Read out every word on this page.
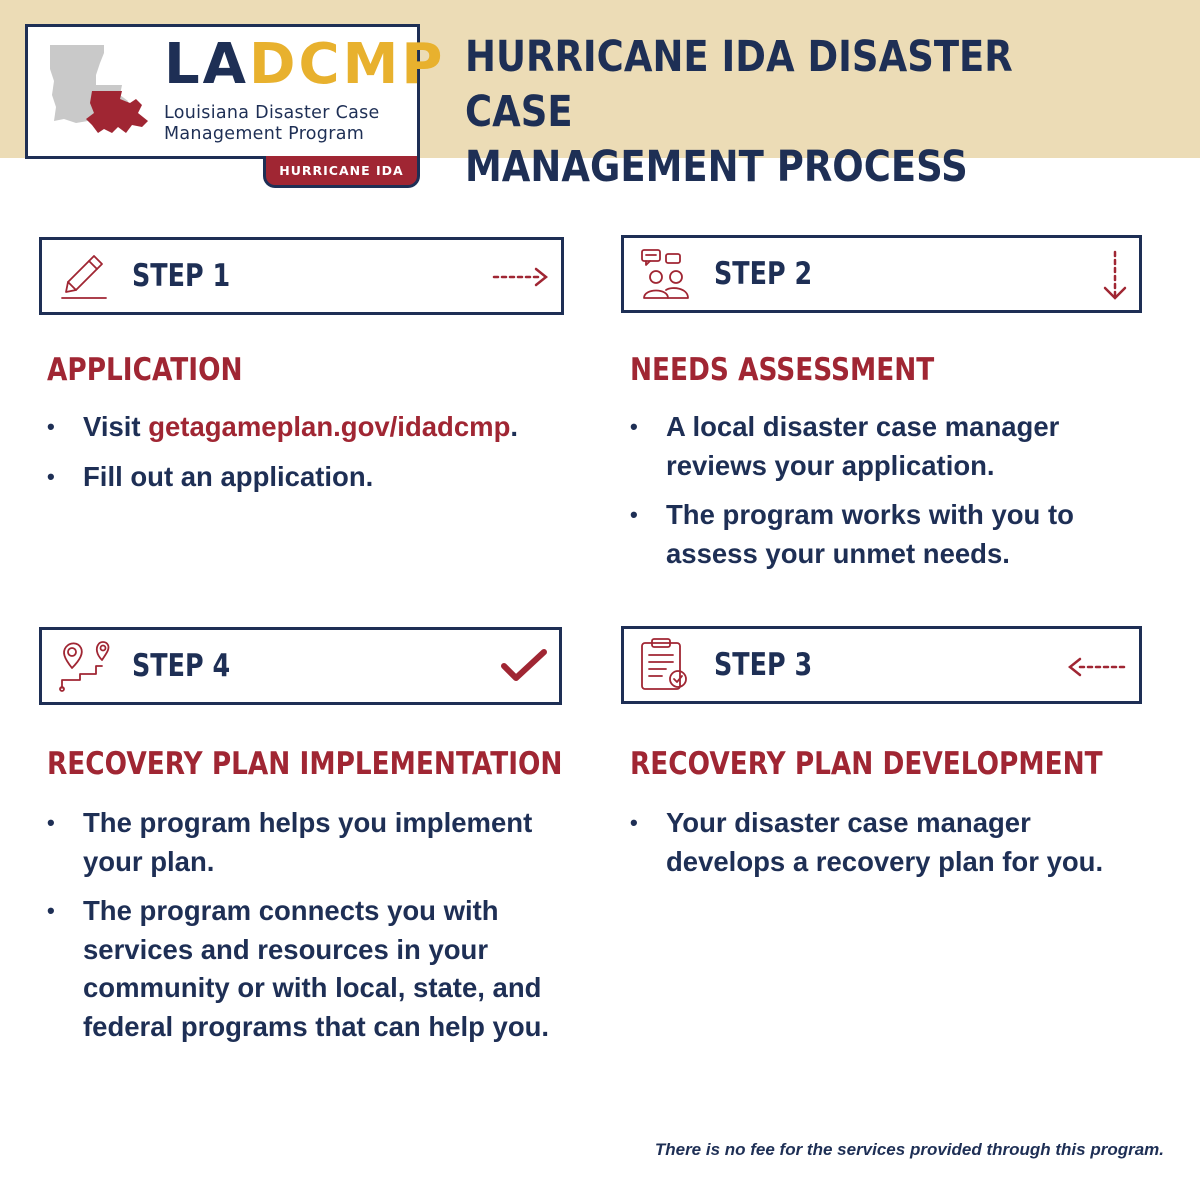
LADCMP
Louisiana Disaster Case
Management Program
HURRICANE IDA
HURRICANE IDA DISASTER CASE
MANAGEMENT PROCESS
STEP 1
APPLICATION
• Visit getagameplan.gov/idadcmp.
• Fill out an application.
STEP 2
NEEDS ASSESSMENT
• A local disaster case manager reviews your application.
• The program works with you to assess your unmet needs.
STEP 4
RECOVERY PLAN IMPLEMENTATION
• The program helps you implement your plan.
• The program connects you with services and resources in your community or with local, state, and federal programs that can help you.
STEP 3
RECOVERY PLAN DEVELOPMENT
• Your disaster case manager develops a recovery plan for you.
There is no fee for the services provided through this program.
